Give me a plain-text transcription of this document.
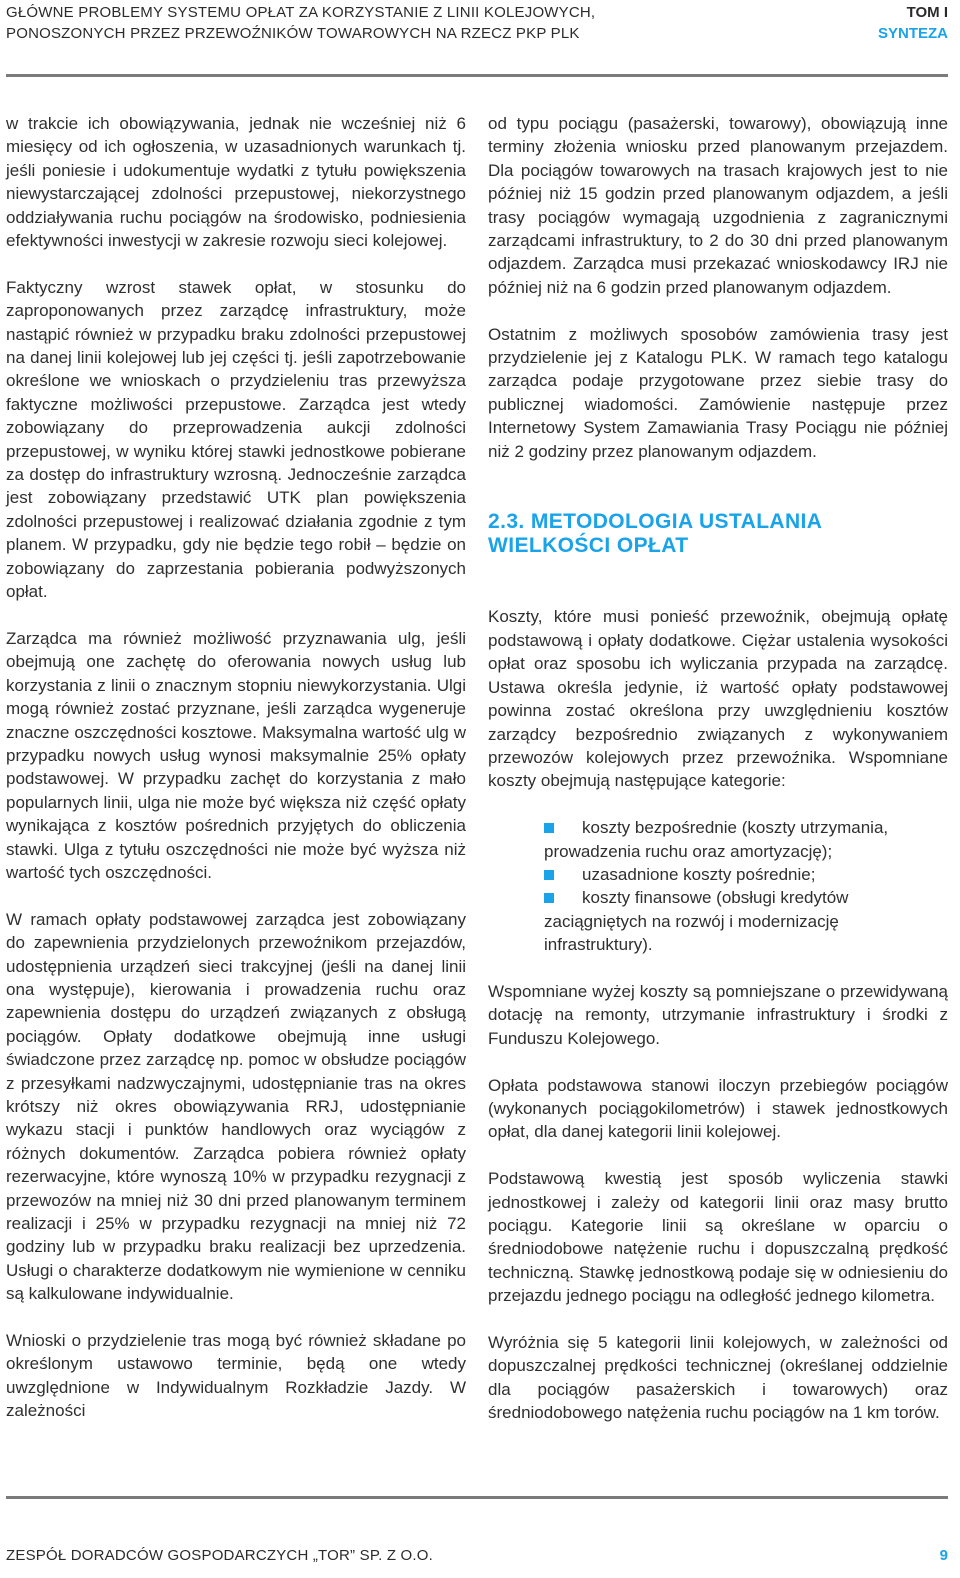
GŁÓWNE PROBLEMY SYSTEMU OPŁAT ZA KORZYSTANIE Z LINII KOLEJOWYCH,
PONOSZONYCH PRZEZ PRZEWOŹNIKÓW TOWAROWYCH NA RZECZ PKP PLK
TOM I
SYNTEZA

w trakcie ich obowiązywania, jednak nie wcześniej niż 6 miesięcy od ich ogłoszenia, w uzasadnionych warunkach tj. jeśli poniesie i udokumentuje wydatki z tytułu powiększenia niewystarczającej zdolności przepustowej, niekorzystnego oddziaływania ruchu pociągów na środowisko, podniesienia efektywności inwestycji w zakresie rozwoju sieci kolejowej.

Faktyczny wzrost stawek opłat, w stosunku do zaproponowanych przez zarządcę infrastruktury, może nastąpić również w przypadku braku zdolności przepustowej na danej linii kolejowej lub jej części tj. jeśli zapotrzebowanie określone we wnioskach o przydzieleniu tras przewyższa faktyczne możliwości przepustowe. Zarządca jest wtedy zobowiązany do przeprowadzenia aukcji zdolności przepustowej, w wyniku której stawki jednostkowe pobierane za dostęp do infrastruktury wzrosną. Jednocześnie zarządca jest zobowiązany przedstawić UTK plan powiększenia zdolności przepustowej i realizować działania zgodnie z tym planem. W przypadku, gdy nie będzie tego robił – będzie on zobowiązany do zaprzestania pobierania podwyższonych opłat.

Zarządca ma również możliwość przyznawania ulg, jeśli obejmują one zachętę do oferowania nowych usług lub korzystania z linii o znacznym stopniu niewykorzystania. Ulgi mogą również zostać przyznane, jeśli zarządca wygeneruje znaczne oszczędności kosztowe. Maksymalna wartość ulg w przypadku nowych usług wynosi maksymalnie 25% opłaty podstawowej. W przypadku zachęt do korzystania z mało popularnych linii, ulga nie może być większa niż część opłaty wynikająca z kosztów pośrednich przyjętych do obliczenia stawki. Ulga z tytułu oszczędności nie może być wyższa niż wartość tych oszczędności.

W ramach opłaty podstawowej zarządca jest zobowiązany do zapewnienia przydzielonych przewoźnikom przejazdów, udostępnienia urządzeń sieci trakcyjnej (jeśli na danej linii ona występuje), kierowania i prowadzenia ruchu oraz zapewnienia dostępu do urządzeń związanych z obsługą pociągów. Opłaty dodatkowe obejmują inne usługi świadczone przez zarządcę np. pomoc w obsłudze pociągów z przesyłkami nadzwyczajnymi, udostępnianie tras na okres krótszy niż okres obowiązywania RRJ, udostępnianie wykazu stacji i punktów handlowych oraz wyciągów z różnych dokumentów. Zarządca pobiera również opłaty rezerwacyjne, które wynoszą 10% w przypadku rezygnacji z przewozów na mniej niż 30 dni przed planowanym terminem realizacji i 25% w przypadku rezygnacji na mniej niż 72 godziny lub w przypadku braku realizacji bez uprzedzenia. Usługi o charakterze dodatkowym nie wymienione w cenniku są kalkulowane indywidualnie.

Wnioski o przydzielenie tras mogą być również składane po określonym ustawowo terminie, będą one wtedy uwzględnione w Indywidualnym Rozkładzie Jazdy. W zależności

od typu pociągu (pasażerski, towarowy), obowiązują inne terminy złożenia wniosku przed planowanym przejazdem. Dla pociągów towarowych na trasach krajowych jest to nie później niż 15 godzin przed planowanym odjazdem, a jeśli trasy pociągów wymagają uzgodnienia z zagranicznymi zarządcami infrastruktury, to 2 do 30 dni przed planowanym odjazdem. Zarządca musi przekazać wnioskodawcy IRJ nie później niż na 6 godzin przed planowanym odjazdem.

Ostatnim z możliwych sposobów zamówienia trasy jest przydzielenie jej z Katalogu PLK. W ramach tego katalogu zarządca podaje przygotowane przez siebie trasy do publicznej wiadomości. Zamówienie następuje przez Internetowy System Zamawiania Trasy Pociągu nie później niż 2 godziny przez planowanym odjazdem.

2.3. METODOLOGIA USTALANIA
WIELKOŚCI OPŁAT

Koszty, które musi ponieść przewoźnik, obejmują opłatę podstawową i opłaty dodatkowe. Ciężar ustalenia wysokości opłat oraz sposobu ich wyliczania przypada na zarządcę. Ustawa określa jedynie, iż wartość opłaty podstawowej powinna zostać określona przy uwzględnieniu kosztów zarządcy bezpośrednio związanych z wykonywaniem przewozów kolejowych przez przewoźnika. Wspomniane koszty obejmują następujące kategorie:

koszty bezpośrednie (koszty utrzymania, prowadzenia ruchu oraz amortyzację);
uzasadnione koszty pośrednie;
koszty finansowe (obsługi kredytów zaciągniętych na rozwój i modernizację infrastruktury).

Wspomniane wyżej koszty są pomniejszane o przewidywaną dotację na remonty, utrzymanie infrastruktury i środki z Funduszu Kolejowego.

Opłata podstawowa stanowi iloczyn przebiegów pociągów (wykonanych pociągokilometrów) i stawek jednostkowych opłat, dla danej kategorii linii kolejowej.

Podstawową kwestią jest sposób wyliczenia stawki jednostkowej i zależy od kategorii linii oraz masy brutto pociągu. Kategorie linii są określane w oparciu o średniodobowe natężenie ruchu i dopuszczalną prędkość techniczną. Stawkę jednostkową podaje się w odniesieniu do przejazdu jednego pociągu na odległość jednego kilometra.

Wyróżnia się 5 kategorii linii kolejowych, w zależności od dopuszczalnej prędkości technicznej (określanej oddzielnie dla pociągów pasażerskich i towarowych) oraz średniodobowego natężenia ruchu pociągów na 1 km torów.

ZESPÓŁ DORADCÓW GOSPODARCZYCH „TOR” SP. Z O.O.	9
